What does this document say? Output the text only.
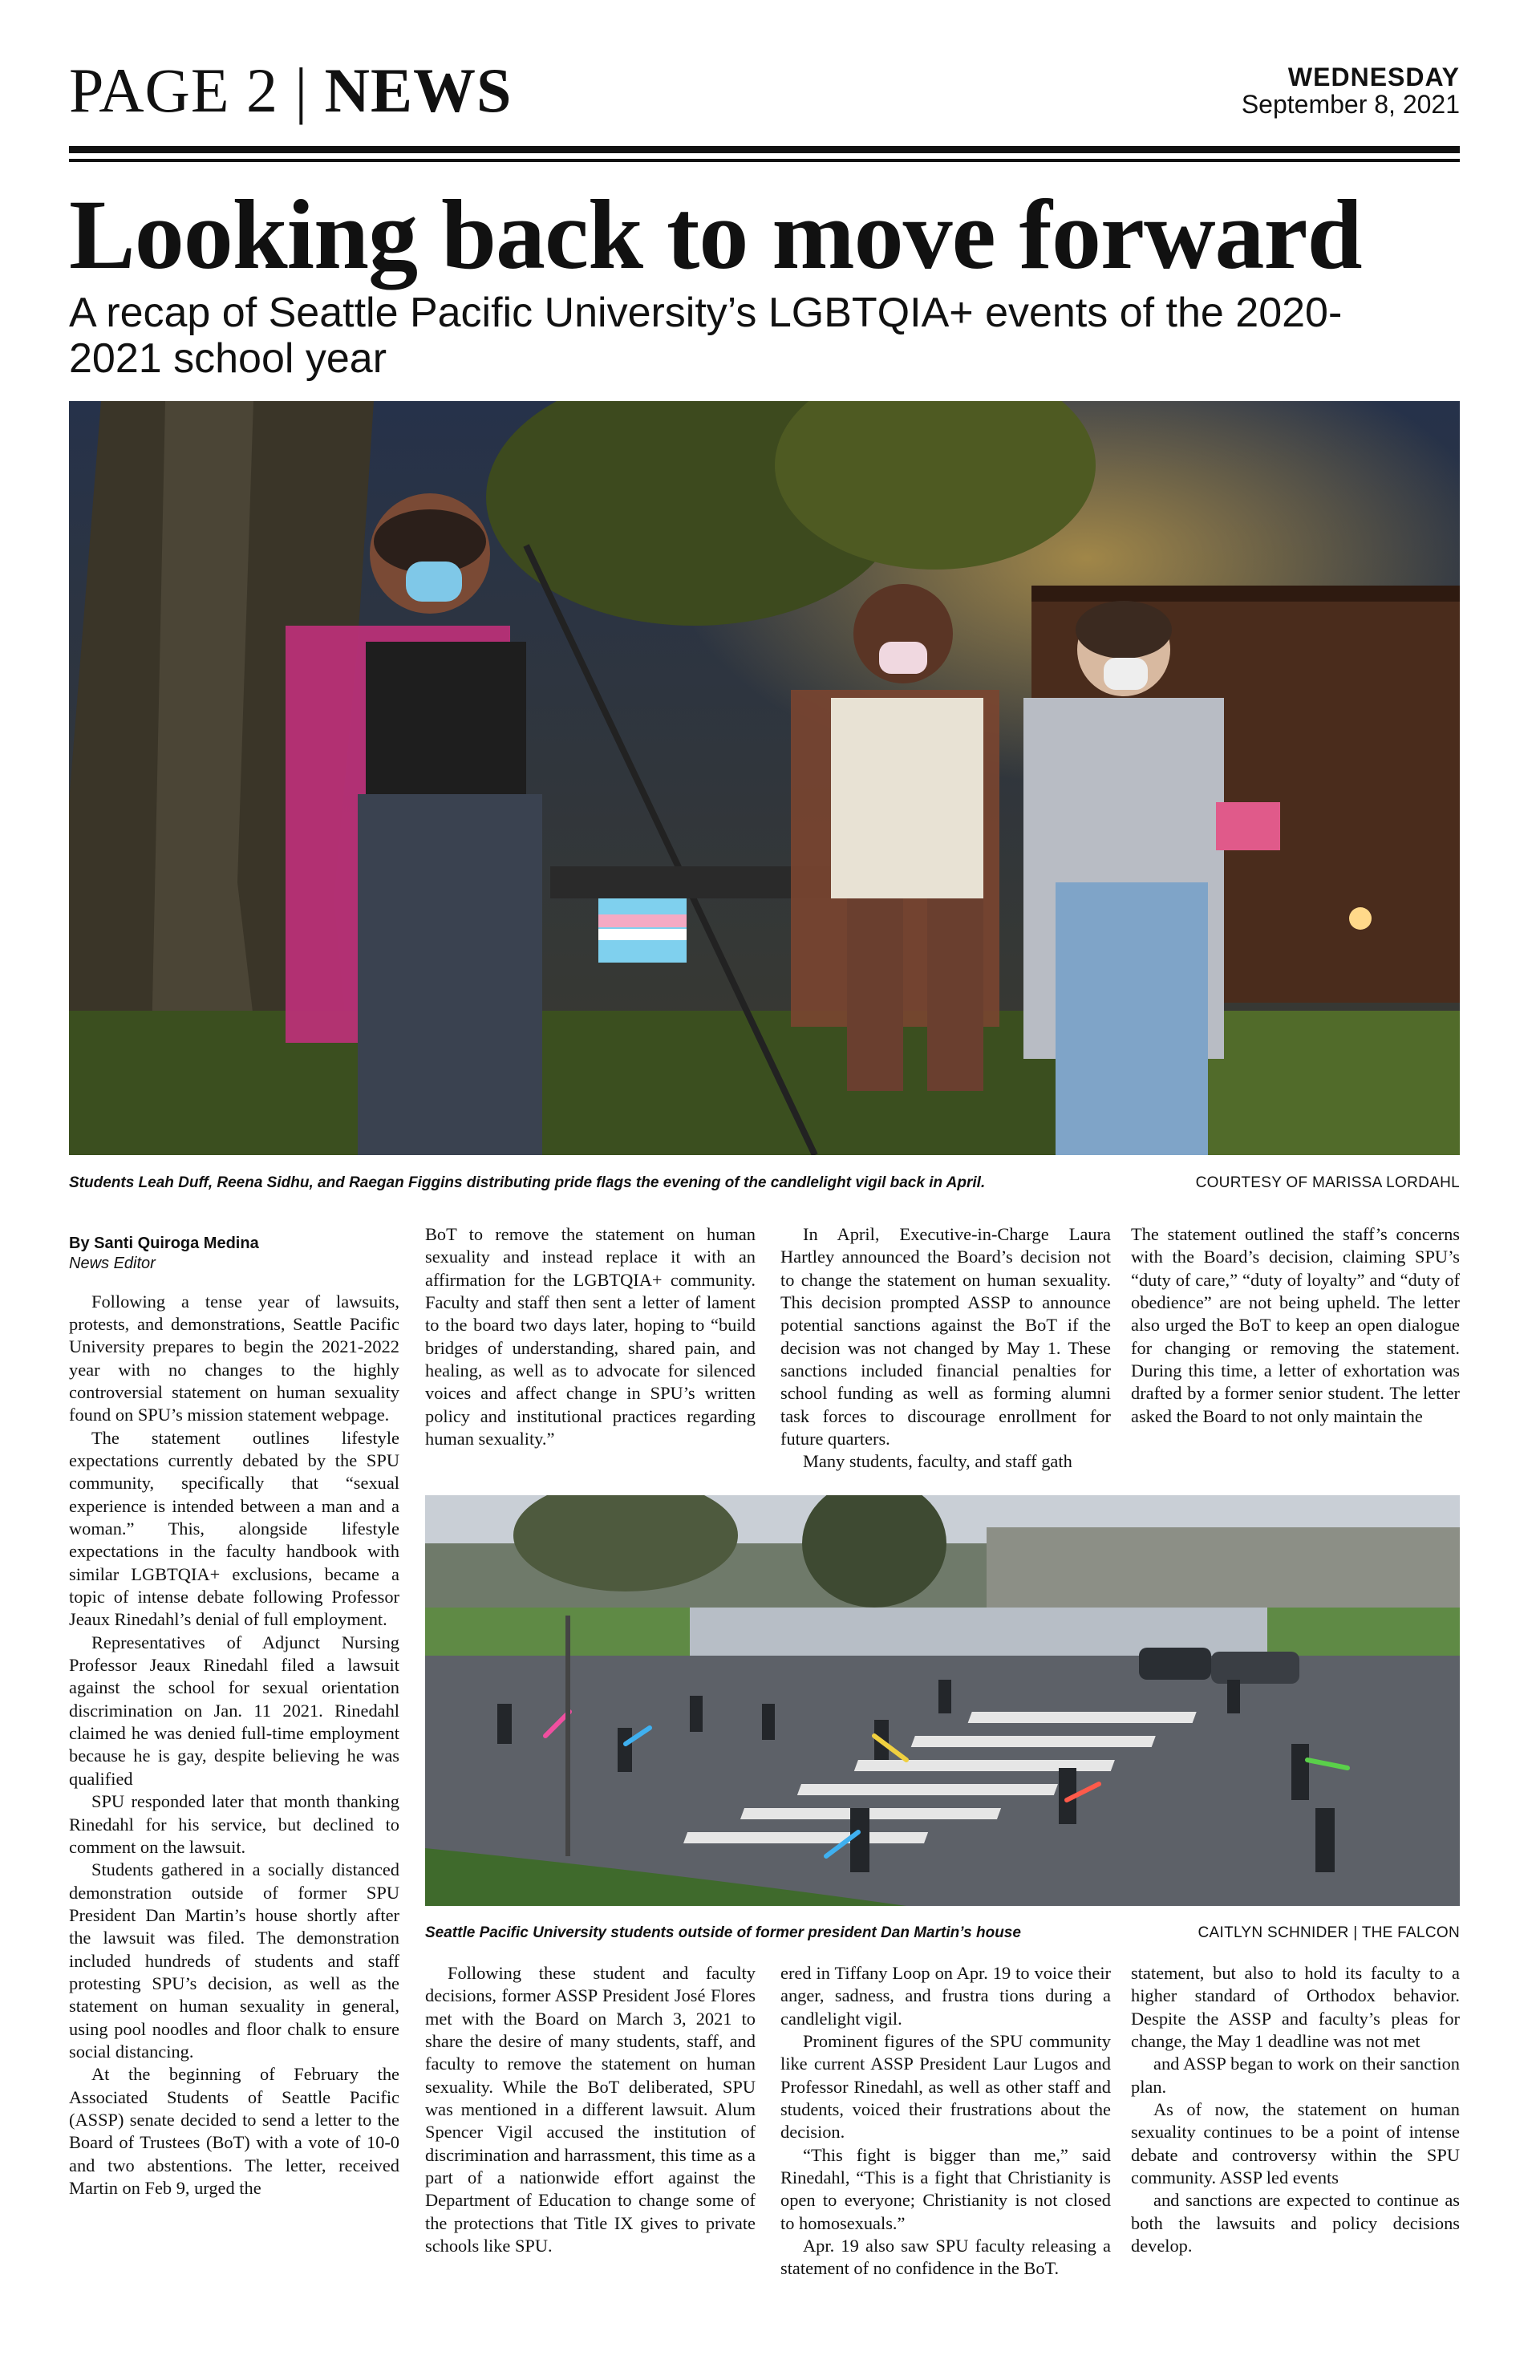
PAGE 2 | NEWS	WEDNESDAY
September 8, 2021
Looking back to move forward
A recap of Seattle Pacific University’s LGBTQIA+ events of the 2020-2021 school year
Students Leah Duff, Reena Sidhu, and Raegan Figgins distributing pride flags the evening of the candlelight vigil back in April.	COURTESY OF MARISSA LORDAHL
By Santi Quiroga Medina
News Editor

Following a tense year of lawsuits, protests, and demonstrations, Seattle Pacific University prepares to begin the 2021-2022 year with no changes to the highly controversial statement on human sexuality found on SPU’s mission statement webpage.

The statement outlines lifestyle expectations currently debated by the SPU community, specifically that “sexual experience is intended between a man and a woman.” This, alongside lifestyle expectations in the faculty handbook with similar LGBTQIA+ exclusions, became a topic of intense debate following Professor Jeaux Rinedahl’s denial of full employment.

Representatives of Adjunct Nursing Professor Jeaux Rinedahl filed a lawsuit against the school for sexual orientation discrimination on Jan. 11 2021. Rinedahl claimed he was denied full-time employment because he is gay, despite believing he was qualified

SPU responded later that month thanking Rinedahl for his service, but declined to comment on the lawsuit.

Students gathered in a socially distanced demonstration outside of former SPU President Dan Martin’s house shortly after the lawsuit was filed. The demonstration included hundreds of students and staff protesting SPU’s decision, as well as the statement on human sexuality in general, using pool noodles and floor chalk to ensure social distancing.

At the beginning of February the Associated Students of Seattle Pacific (ASSP) senate decided to send a letter to the Board of Trustees (BoT) with a vote of 10-0 and two abstentions. The letter, received Martin on Feb 9, urged the

BoT to remove the statement on human sexuality and instead replace it with an affirmation for the LGBTQIA+ community. Faculty and staff then sent a letter of lament to the board two days later, hoping to “build bridges of understanding, shared pain, and healing, as well as to advocate for silenced voices and affect change in SPU’s written policy and institutional practices regarding human sexuality.”

In April, Executive-in-Charge Laura Hartley announced the Board’s decision not to change the statement on human sexuality. This decision prompted ASSP to announce potential sanctions against the BoT if the decision was not changed by May 1. These sanctions included financial penalties for school funding as well as forming alumni task forces to discourage enrollment for future quarters.

Many students, faculty, and staff gath

The statement outlined the staff’s concerns with the Board’s decision, claiming SPU’s “duty of care,” “duty of loyalty” and “duty of obedience” are not being upheld. The letter also urged the BoT to keep an open dialogue for changing or removing the statement. During this time, a letter of exhortation was drafted by a former senior student. The letter asked the Board to not only maintain the

Seattle Pacific University students outside of former president Dan Martin’s house	CAITLYN SCHNIDER | THE FALCON

Following these student and faculty decisions, former ASSP President José Flores met with the Board on March 3, 2021 to share the desire of many students, staff, and faculty to remove the statement on human sexuality. While the BoT deliberated, SPU was mentioned in a different lawsuit. Alum Spencer Vigil accused the institution of discrimination and harrassment, this time as a part of a nationwide effort against the Department of Education to change some of the protections that Title IX gives to private schools like SPU.

ered in Tiffany Loop on Apr. 19 to voice their anger, sadness, and frustra tions during a candlelight vigil.

Prominent figures of the SPU community like current ASSP President Laur Lugos and Professor Rinedahl, as well as other staff and students, voiced their frustrations about the decision.

“This fight is bigger than me,” said Rinedahl, “This is a fight that Christianity is open to everyone; Christianity is not closed to homosexuals.”

Apr. 19 also saw SPU faculty releasing a statement of no confidence in the BoT.

statement, but also to hold its faculty to a higher standard of Orthodox behavior. Despite the ASSP and faculty’s pleas for change, the May 1 deadline was not met

and ASSP began to work on their sanction plan.

As of now, the statement on human sexuality continues to be a point of intense debate and controversy within the SPU community. ASSP led events

and sanctions are expected to continue as both the lawsuits and policy decisions develop.
